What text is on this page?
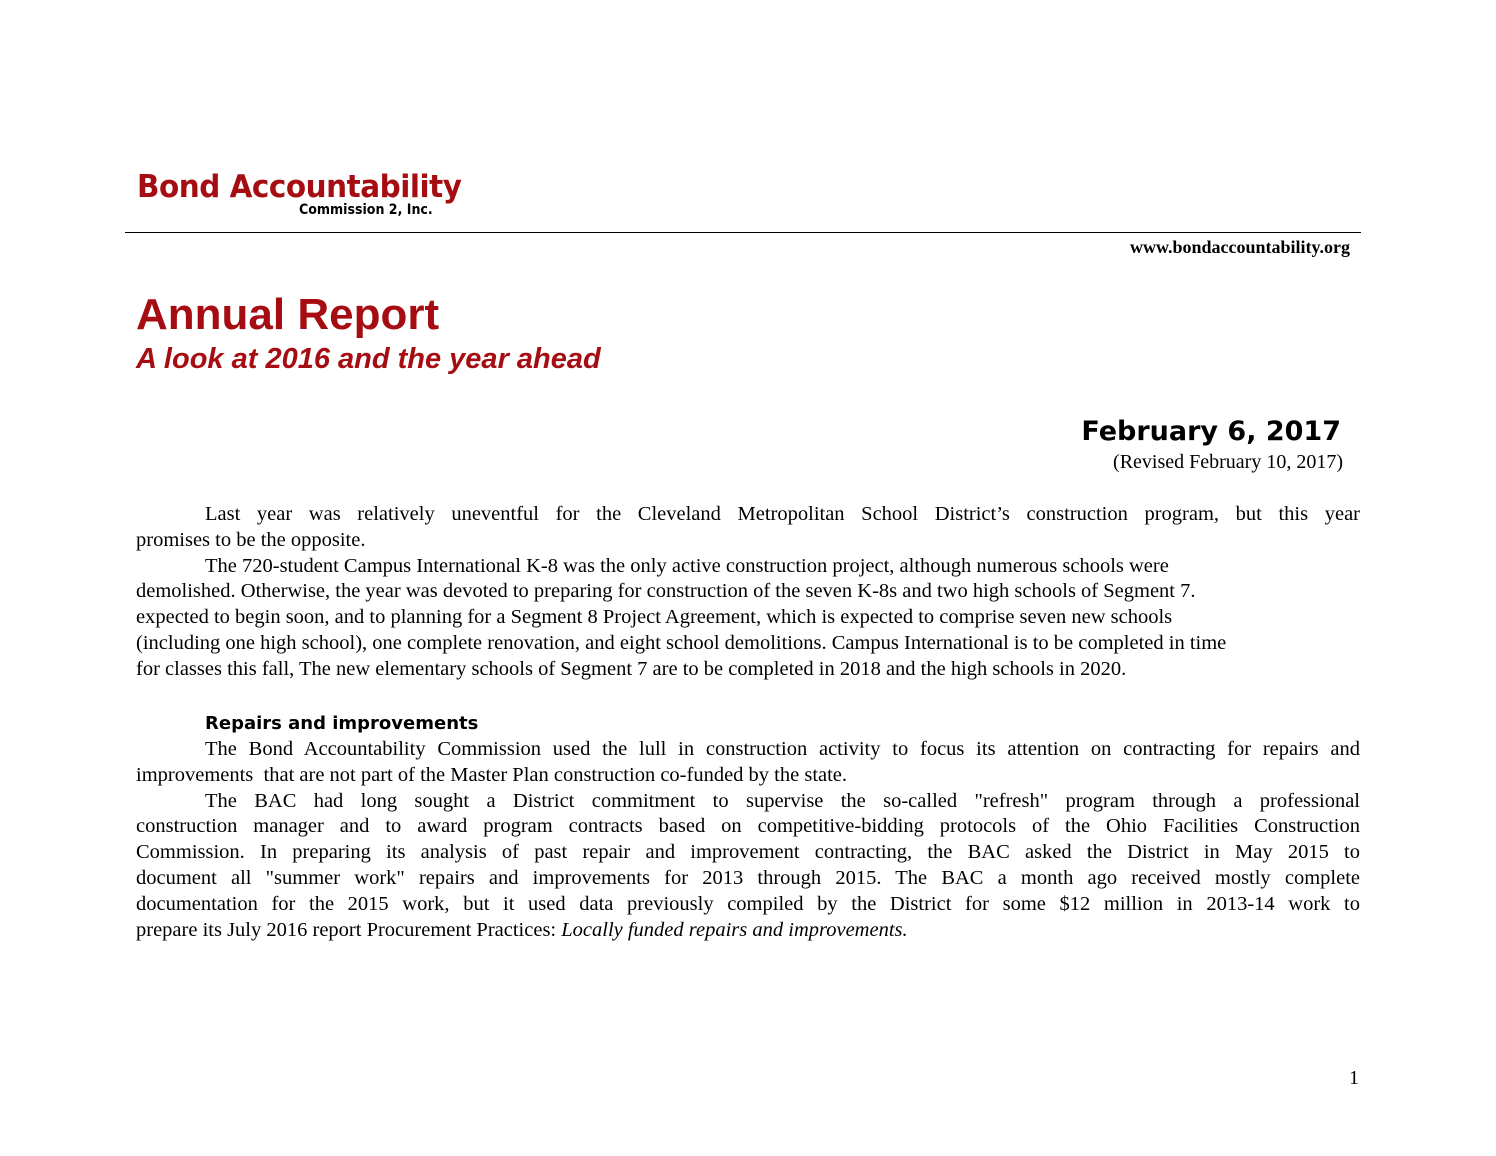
Bond Accountability
Commission 2, Inc.
www.bondaccountability.org
Annual Report
A look at 2016 and the year ahead
February 6, 2017
(Revised February 10, 2017)
Last year was relatively uneventful for the Cleveland Metropolitan School District’s construction program, but this year
promises to be the opposite.
The 720-student Campus International K-8 was the only active construction project, although numerous schools were
demolished. Otherwise, the year was devoted to preparing for construction of the seven K-8s and two high schools of Segment 7.
expected to begin soon, and to planning for a Segment 8 Project Agreement, which is expected to comprise seven new schools
(including one high school), one complete renovation, and eight school demolitions. Campus International is to be completed in time
for classes this fall, The new elementary schools of Segment 7 are to be completed in 2018 and the high schools in 2020.
Repairs and improvements
The Bond Accountability Commission used the lull in construction activity to focus its attention on contracting for repairs and
improvements  that are not part of the Master Plan construction co-funded by the state.
The BAC had long sought a District commitment to supervise the so-called "refresh" program through a professional
construction manager and to award program contracts based on competitive-bidding protocols of the Ohio Facilities Construction
Commission. In preparing its analysis of past repair and improvement contracting, the BAC asked the District in May 2015 to
document all "summer work" repairs and improvements for 2013 through 2015. The BAC a month ago received mostly complete
documentation for the 2015 work, but it used data previously compiled by the District for some $12 million in 2013-14 work to
prepare its July 2016 report Procurement Practices: Locally funded repairs and improvements.
1
